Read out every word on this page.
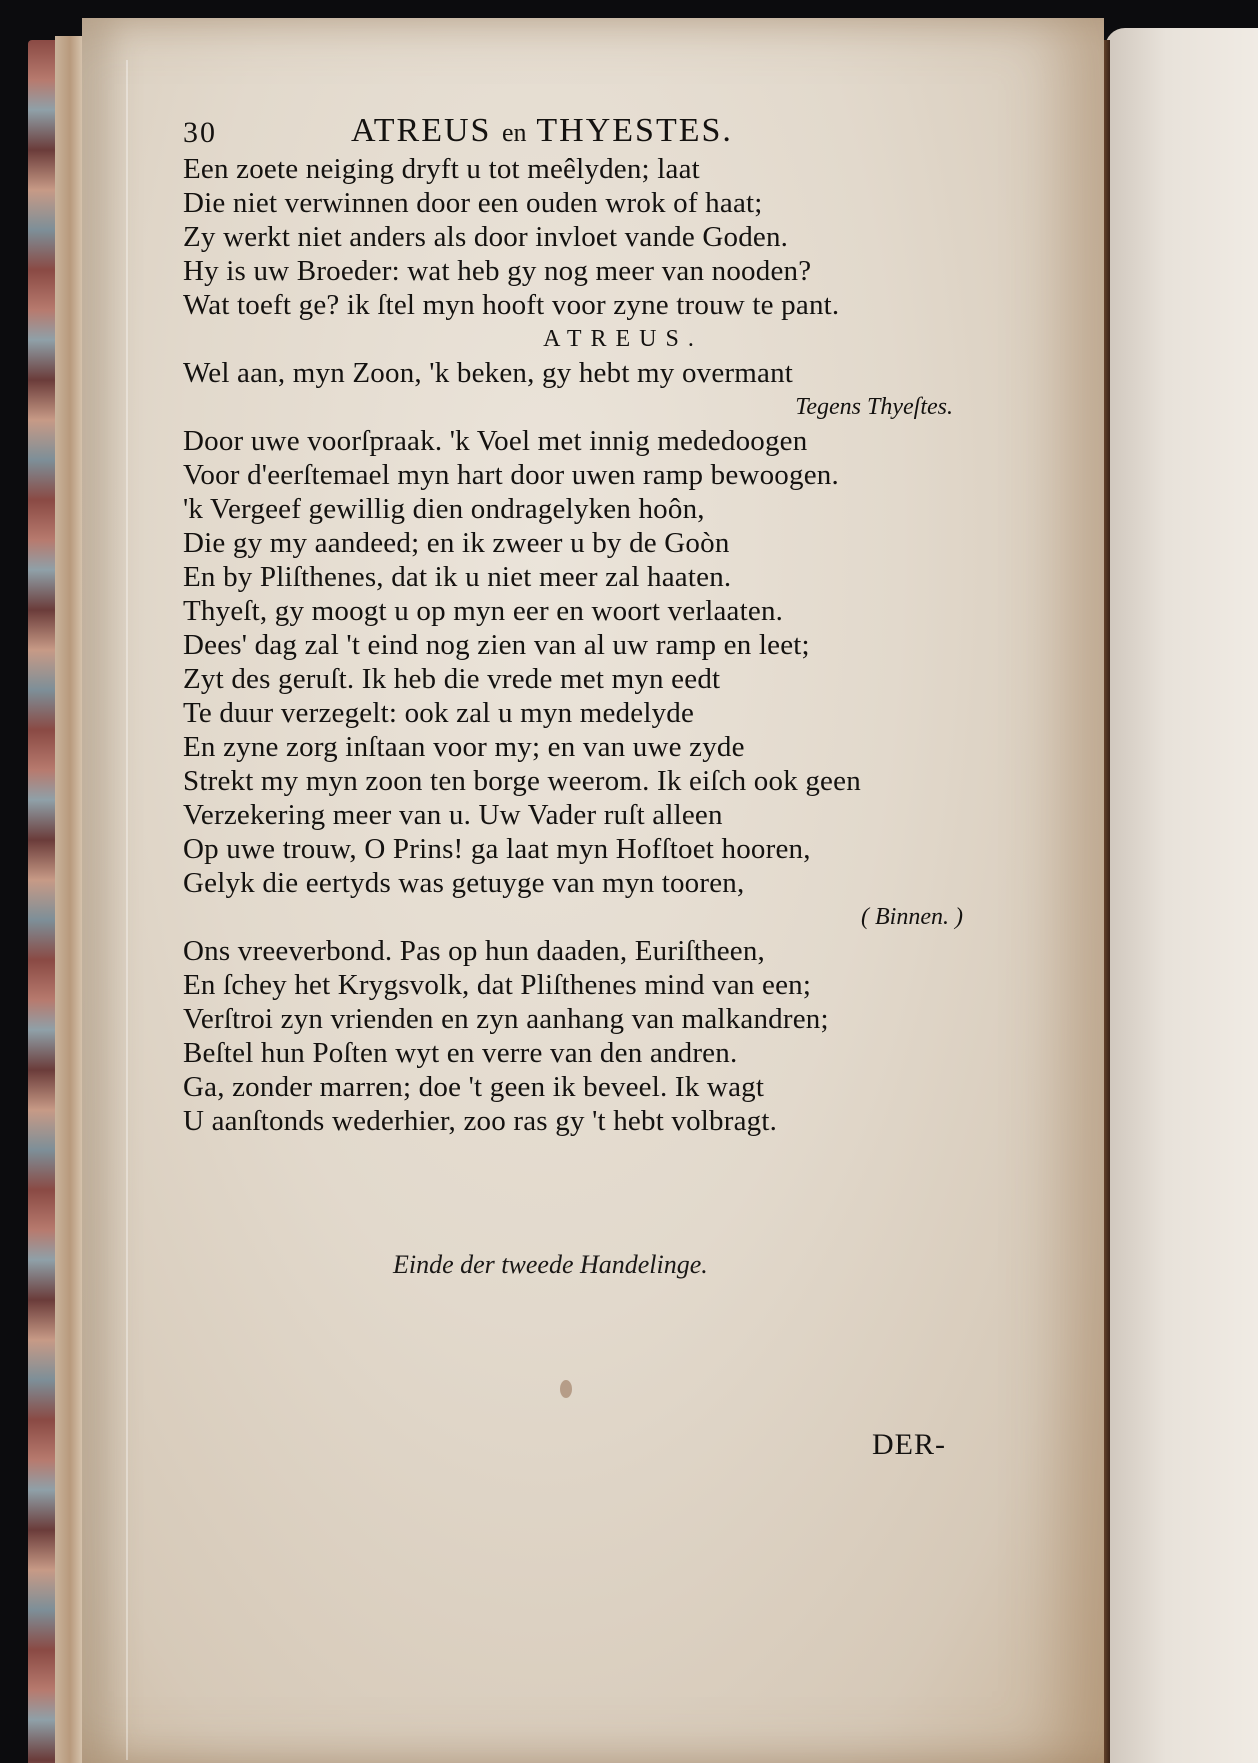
30	ATREUS en THYESTES.
Een zoete neiging dryft u tot meêlyden; laat
Die niet verwinnen door een ouden wrok of haat;
Zy werkt niet anders als door invloet vande Goden.
Hy is uw Broeder: wat heb gy nog meer van nooden?
Wat toeft ge? ik ſtel myn hooft voor zyne trouw te pant.
ATREUS.
Wel aan, myn Zoon, 'k beken, gy hebt my overmant
Tegens Thyeſtes.
Door uwe voorſpraak. 'k Voel met innig mededoogen
Voor d'eerſtemael myn hart door uwen ramp bewoogen.
'k Vergeef gewillig dien ondragelyken hoôn,
Die gy my aandeed; en ik zweer u by de Goòn
En by Pliſthenes, dat ik u niet meer zal haaten.
Thyeſt, gy moogt u op myn eer en woort verlaaten.
Dees' dag zal 't eind nog zien van al uw ramp en leet;
Zyt des geruſt. Ik heb die vrede met myn eedt
Te duur verzegelt: ook zal u myn medelyde
En zyne zorg inſtaan voor my; en van uwe zyde
Strekt my myn zoon ten borge weerom. Ik eiſch ook geen
Verzekering meer van u. Uw Vader ruſt alleen
Op uwe trouw, O Prins! ga laat myn Hofſtoet hooren,
Gelyk die eertyds was getuyge van myn tooren,
( Binnen. )
Ons vreeverbond. Pas op hun daaden, Euriſtheen,
En ſchey het Krygsvolk, dat Pliſthenes mind van een;
Verſtroi zyn vrienden en zyn aanhang van malkandren;
Beſtel hun Poſten wyt en verre van den andren.
Ga, zonder marren; doe 't geen ik beveel. Ik wagt
U aanſtonds wederhier, zoo ras gy 't hebt volbragt.
Einde der tweede Handelinge.
DER-
